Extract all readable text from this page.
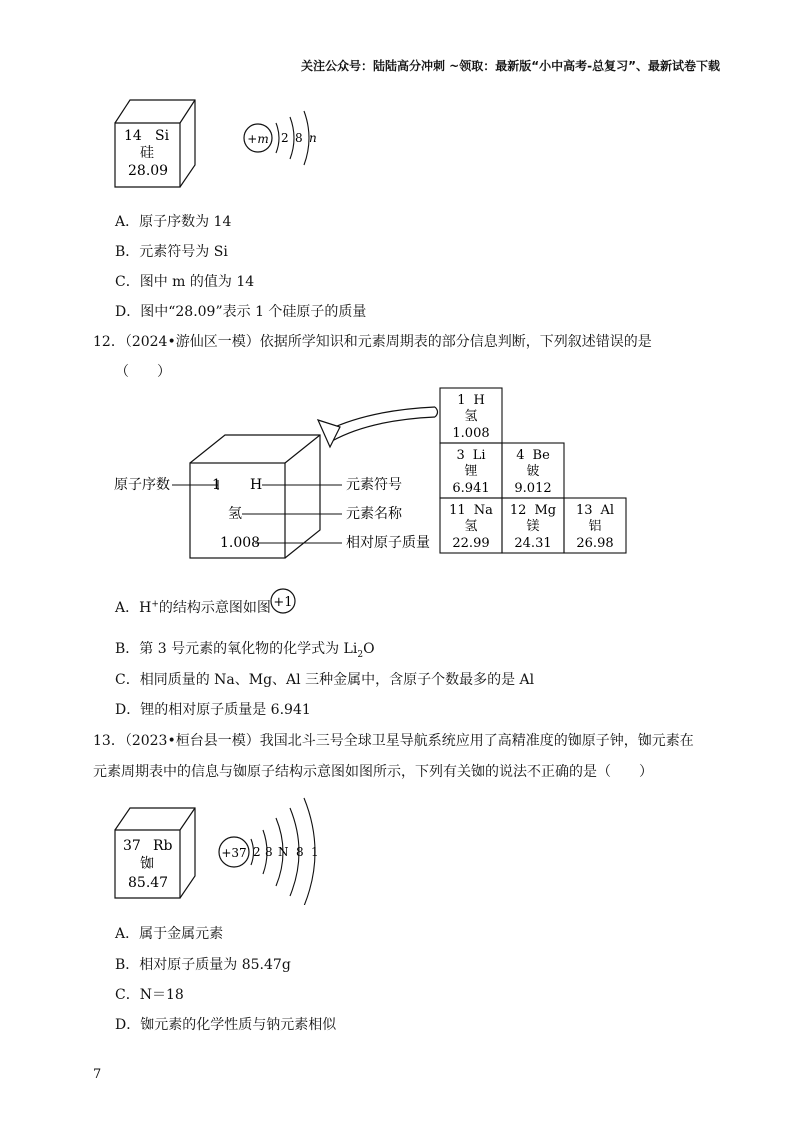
关注公众号：陆陆高分冲刺 ~领取：最新版“小中高考-总复习”、最新试卷下载
14 Si
硅
28.09
+m 2 8 n
A．原子序数为 14
B．元素符号为 Si
C．图中 m 的值为 14
D．图中“28.09”表示 1 个硅原子的质量
12．（2024•游仙区一模）依据所学知识和元素周期表的部分信息判断，下列叙述错误的是
（　　）
H
1
氢
1.008
原子序数	元素符号
元素名称
相对原子质量
1 H
氢
1.008
3 Li
锂
6.941
4 Be
铍
9.012
11 Na
氢
22.99
12 Mg
镁
24.31
13 Al
铝
26.98
A．H+的结构示意图如图 +1
B．第 3 号元素的氧化物的化学式为 $Li_2O$
C．相同质量的 Na、Mg、Al 三种金属中，含原子个数最多的是 Al
D．锂的相对原子质量是 6.941
13．（2023•桓台县一模）我国北斗三号全球卫星导航系统应用了高精准度的铷原子钟，铷元素在
元素周期表中的信息与铷原子结构示意图如图所示，下列有关铷的说法不正确的是（　　）
37 Rb
铷
85.47
+37 2 8 N 8 1
A．属于金属元素
B．相对原子质量为 85.47g
C．N＝18
D．铷元素的化学性质与钠元素相似
7
